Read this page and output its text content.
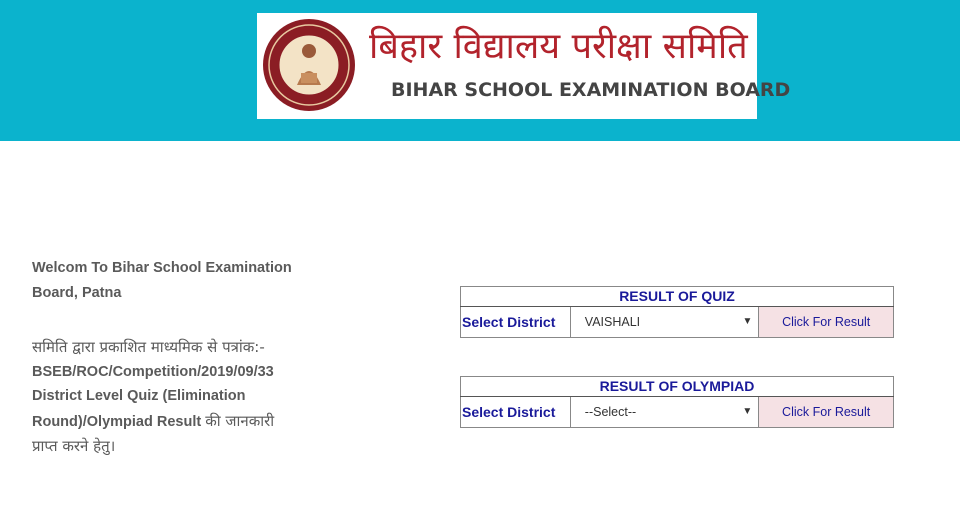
बिहार विद्यालय परीक्षा समिति
BIHAR SCHOOL EXAMINATION BOARD
Welcom To Bihar School Examination
Board, Patna
समिति द्वारा प्रकाशित माध्यमिक से पत्रांक:-
BSEB/ROC/Competition/2019/09/33
District Level Quiz (Elimination
Round)/Olympiad Result की जानकारी
प्राप्त करने हेतु।
RESULT OF QUIZ
Select District	VAISHALI	▼	Click For Result
RESULT OF OLYMPIAD
Select District	--Select--	▼	Click For Result
